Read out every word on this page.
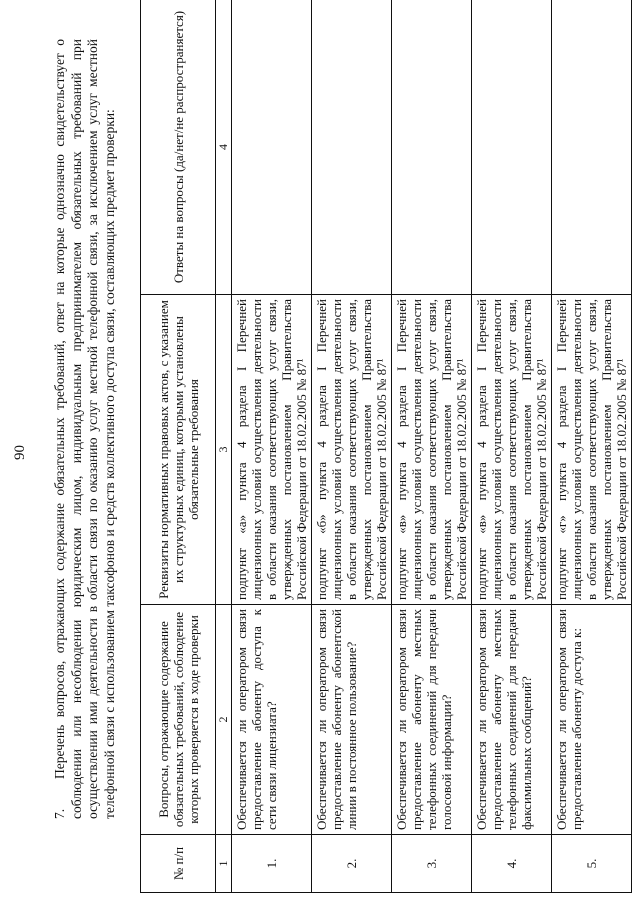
90
7.Перечень вопросов, отражающих содержание обязательных требований, ответ на которые однозначно свидетельствует о соблюдении или несоблюдении юридическим лицом, индивидуальным предпринимателем обязательных требований при осуществлении ими деятельности в области связи по оказанию услуг местной телефонной связи, за исключением услуг местной телефонной связи с использованием таксофонов и средств коллективного доступа связи, составляющих предмет проверки:
№ п/п	Вопросы, отражающие содержание обязательных требований, соблюдение которых проверяется в ходе проверки	Реквизиты нормативных правовых актов, с указанием их структурных единиц, которыми установлены обязательные требования	Ответы на вопросы (да/нет/не распространяется)
1	2	3	4
1.	Обеспечивается ли оператором связи предоставление абоненту доступа к сети связи лицензиата?	подпункт «а» пункта 4 раздела I Перечней лицензионных условий осуществления деятельности в области оказания соответствующих услуг связи, утвержденных постановлением Правительства Российской Федерации от 18.02.2005 № 87¹	
2.	Обеспечивается ли оператором связи предоставление абоненту абонентской линии в постоянное пользование?	подпункт «б» пункта 4 раздела I Перечней лицензионных условий осуществления деятельности в области оказания соответствующих услуг связи, утвержденных постановлением Правительства Российской Федерации от 18.02.2005 № 87¹	
3.	Обеспечивается ли оператором связи предоставление абоненту местных телефонных соединений для передачи голосовой информации?	подпункт «в» пункта 4 раздела I Перечней лицензионных условий осуществления деятельности в области оказания соответствующих услуг связи, утвержденных постановлением Правительства Российской Федерации от 18.02.2005 № 87¹	
4.	Обеспечивается ли оператором связи предоставление абоненту местных телефонных соединений для передачи факсимильных сообщений?	подпункт «в» пункта 4 раздела I Перечней лицензионных условий осуществления деятельности в области оказания соответствующих услуг связи, утвержденных постановлением Правительства Российской Федерации от 18.02.2005 № 87¹	
5.	Обеспечивается ли оператором связи предоставление абоненту доступа к:	подпункт «г» пункта 4 раздела I Перечней лицензионных условий осуществления деятельности в области оказания соответствующих услуг связи, утвержденных постановлением Правительства Российской Федерации от 18.02.2005 № 87¹	
